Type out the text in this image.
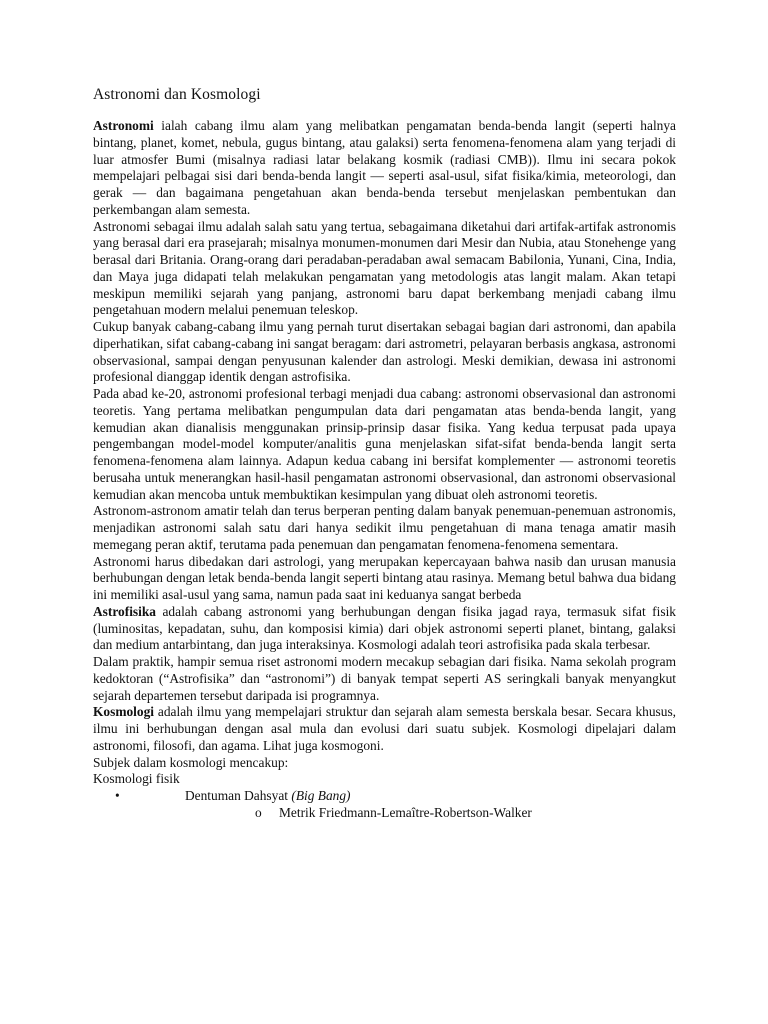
Astronomi dan Kosmologi

Astronomi ialah cabang ilmu alam yang melibatkan pengamatan benda-benda langit (seperti halnya bintang, planet, komet, nebula, gugus bintang, atau galaksi) serta fenomena-fenomena alam yang terjadi di luar atmosfer Bumi (misalnya radiasi latar belakang kosmik (radiasi CMB)). Ilmu ini secara pokok mempelajari pelbagai sisi dari benda-benda langit — seperti asal-usul, sifat fisika/kimia, meteorologi, dan gerak — dan bagaimana pengetahuan akan benda-benda tersebut menjelaskan pembentukan dan perkembangan alam semesta.

Astronomi sebagai ilmu adalah salah satu yang tertua, sebagaimana diketahui dari artifak-artifak astronomis yang berasal dari era prasejarah; misalnya monumen-monumen dari Mesir dan Nubia, atau Stonehenge yang berasal dari Britania. Orang-orang dari peradaban-peradaban awal semacam Babilonia, Yunani, Cina, India, dan Maya juga didapati telah melakukan pengamatan yang metodologis atas langit malam. Akan tetapi meskipun memiliki sejarah yang panjang, astronomi baru dapat berkembang menjadi cabang ilmu pengetahuan modern melalui penemuan teleskop.

Cukup banyak cabang-cabang ilmu yang pernah turut disertakan sebagai bagian dari astronomi, dan apabila diperhatikan, sifat cabang-cabang ini sangat beragam: dari astrometri, pelayaran berbasis angkasa, astronomi observasional, sampai dengan penyusunan kalender dan astrologi. Meski demikian, dewasa ini astronomi profesional dianggap identik dengan astrofisika.

Pada abad ke-20, astronomi profesional terbagi menjadi dua cabang: astronomi observasional dan astronomi teoretis. Yang pertama melibatkan pengumpulan data dari pengamatan atas benda-benda langit, yang kemudian akan dianalisis menggunakan prinsip-prinsip dasar fisika. Yang kedua terpusat pada upaya pengembangan model-model komputer/analitis guna menjelaskan sifat-sifat benda-benda langit serta fenomena-fenomena alam lainnya. Adapun kedua cabang ini bersifat komplementer — astronomi teoretis berusaha untuk menerangkan hasil-hasil pengamatan astronomi observasional, dan astronomi observasional kemudian akan mencoba untuk membuktikan kesimpulan yang dibuat oleh astronomi teoretis.

Astronom-astronom amatir telah dan terus berperan penting dalam banyak penemuan-penemuan astronomis, menjadikan astronomi salah satu dari hanya sedikit ilmu pengetahuan di mana tenaga amatir masih memegang peran aktif, terutama pada penemuan dan pengamatan fenomena-fenomena sementara.

Astronomi harus dibedakan dari astrologi, yang merupakan kepercayaan bahwa nasib dan urusan manusia berhubungan dengan letak benda-benda langit seperti bintang atau rasinya. Memang betul bahwa dua bidang ini memiliki asal-usul yang sama, namun pada saat ini keduanya sangat berbeda

Astrofisika adalah cabang astronomi yang berhubungan dengan fisika jagad raya, termasuk sifat fisik (luminositas, kepadatan, suhu, dan komposisi kimia) dari objek astronomi seperti planet, bintang, galaksi dan medium antarbintang, dan juga interaksinya. Kosmologi adalah teori astrofisika pada skala terbesar.

Dalam praktik, hampir semua riset astronomi modern mecakup sebagian dari fisika. Nama sekolah program kedoktoran (“Astrofisika” dan “astronomi”) di banyak tempat seperti AS seringkali banyak menyangkut sejarah departemen tersebut daripada isi programnya.

Kosmologi adalah ilmu yang mempelajari struktur dan sejarah alam semesta berskala besar. Secara khusus, ilmu ini berhubungan dengan asal mula dan evolusi dari suatu subjek. Kosmologi dipelajari dalam astronomi, filosofi, dan agama. Lihat juga kosmogoni.

Subjek dalam kosmologi mencakup:

Kosmologi fisik

•	Dentuman Dahsyat (Big Bang)
o	Metrik Friedmann-Lemaître-Robertson-Walker
